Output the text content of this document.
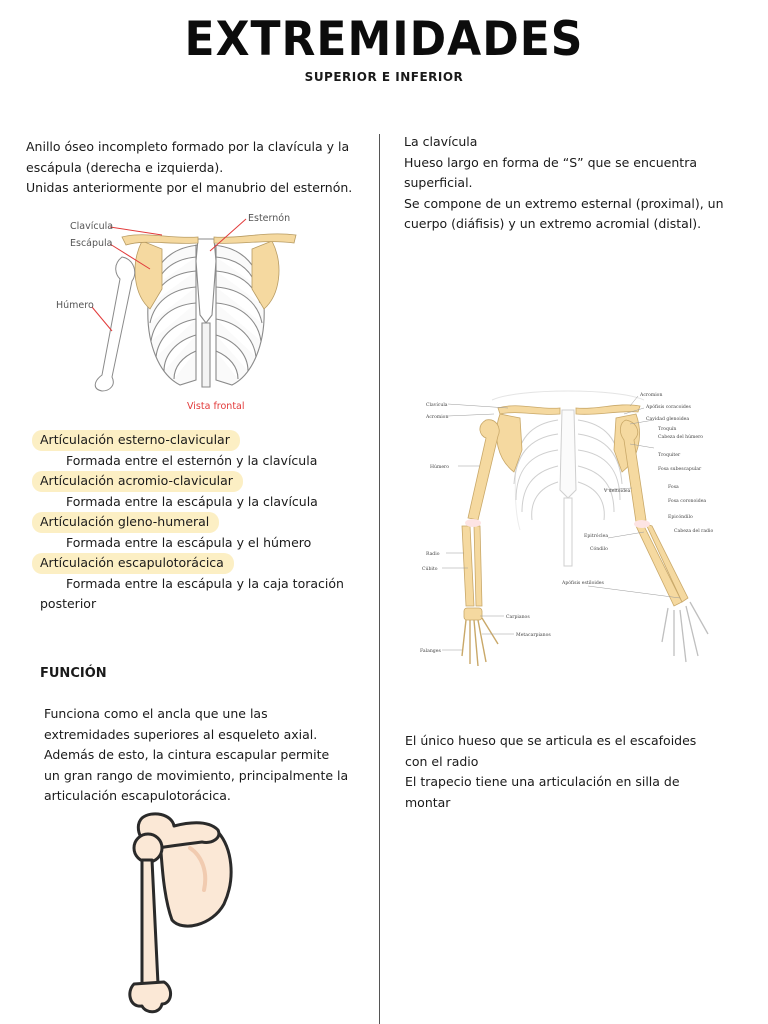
EXTREMIDADES
SUPERIOR E INFERIOR
Anillo óseo incompleto formado por la clavícula y la
escápula (derecha e izquierda).
Unidas anteriormente por el manubrio del esternón.
Clavícula
Escápula
Húmero
Esternón
Vista frontal
Artículación esterno-clavicular
Formada entre el esternón y la clavícula
Artículación acromio-clavicular
Formada entre la escápula y la clavícula
Artículación gleno-humeral
Formada entre la escápula y el húmero
Artículación escapulotorácica
Formada entre la escápula y la caja toración
posterior
FUNCIÓN
Funciona como el ancla que une las
extremidades superiores al esqueleto axial.
Además de esto, la cintura escapular permite
un gran rango de movimiento, principalmente la
articulación escapulotorácica.
La clavícula
Hueso largo en forma de “S” que se encuentra
superficial.
Se compone de un extremo esternal (proximal), un
cuerpo (diáfisis) y un extremo acromial (distal).
Clavícula
Acromion
Húmero
Radio
Cúbito
Falanges
Carpianos
Metacarpianos
Acromion
Apófisis coracoides
Cavidad glenoidea
Troquín
Cabeza del húmero
Troquiter
Fosa subescapular
V deltoidea
Fosa
Fosa coronoidea
Epicóndilo
Epitróclea
Cóndilo
Apófisis estiloides
Cabeza del radio
El único hueso que se articula es el escafoides
con el radio
El trapecio tiene una articulación en silla de
montar
